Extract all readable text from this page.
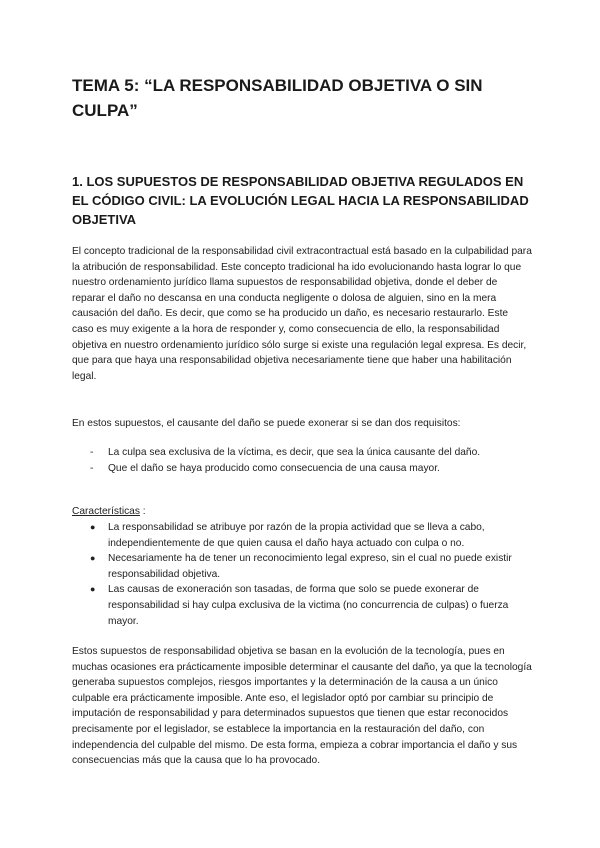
TEMA 5: “LA RESPONSABILIDAD OBJETIVA O SIN CULPA”
1. LOS SUPUESTOS DE RESPONSABILIDAD OBJETIVA REGULADOS EN EL CÓDIGO CIVIL: LA EVOLUCIÓN LEGAL HACIA LA RESPONSABILIDAD OBJETIVA

El concepto tradicional de la responsabilidad civil extracontractual está basado en la culpabilidad para la atribución de responsabilidad. Este concepto tradicional ha ido evolucionando hasta lograr lo que nuestro ordenamiento jurídico llama supuestos de responsabilidad objetiva, donde el deber de reparar el daño no descansa en una conducta negligente o dolosa de alguien, sino en la mera causación del daño. Es decir, que como se ha producido un daño, es necesario restaurarlo. Este caso es muy exigente a la hora de responder y, como consecuencia de ello, la responsabilidad objetiva en nuestro ordenamiento jurídico sólo surge si existe una regulación legal expresa. Es decir, que para que haya una responsabilidad objetiva necesariamente tiene que haber una habilitación legal.

En estos supuestos, el causante del daño se puede exonerar si se dan dos requisitos:

- La culpa sea exclusiva de la víctima, es decir, que sea la única causante del daño.
- Que el daño se haya producido como consecuencia de una causa mayor.

Características :

● La responsabilidad se atribuye por razón de la propia actividad que se lleva a cabo, independientemente de que quien causa el daño haya actuado con culpa o no.
● Necesariamente ha de tener un reconocimiento legal expreso, sin el cual no puede existir responsabilidad objetiva.
● Las causas de exoneración son tasadas, de forma que solo se puede exonerar de responsabilidad si hay culpa exclusiva de la victima (no concurrencia de culpas) o fuerza mayor.

Estos supuestos de responsabilidad objetiva se basan en la evolución de la tecnología, pues en muchas ocasiones era prácticamente imposible determinar el causante del daño, ya que la tecnología generaba supuestos complejos, riesgos importantes y la determinación de la causa a un único culpable era prácticamente imposible. Ante eso, el legislador optó por cambiar su principio de imputación de responsabilidad y para determinados supuestos que tienen que estar reconocidos precisamente por el legislador, se establece la importancia en la restauración del daño, con independencia del culpable del mismo. De esta forma, empieza a cobrar importancia el daño y sus consecuencias más que la causa que lo ha provocado.
